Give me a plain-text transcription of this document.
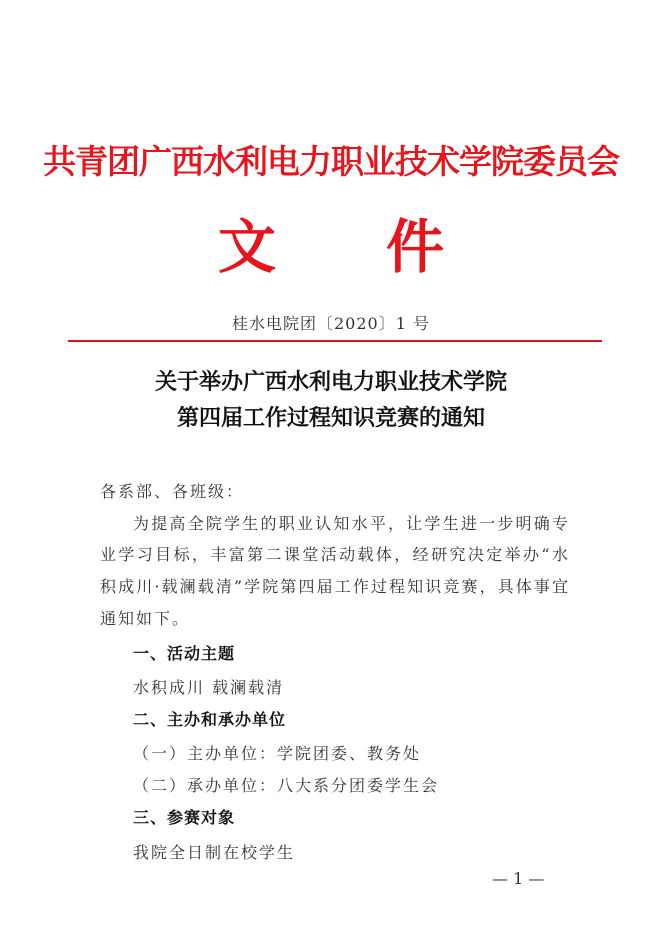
共青团广西水利电力职业技术学院委员会
文 件
桂水电院团〔2020〕1 号
关于举办广西水利电力职业技术学院
第四届工作过程知识竞赛的通知
各系部、各班级：
为提高全院学生的职业认知水平，让学生进一步明确专
业学习目标，丰富第二课堂活动载体，经研究决定举办“水
积成川·载澜载清”学院第四届工作过程知识竞赛，具体事宜
通知如下。
一、活动主题
水积成川 载澜载清
二、主办和承办单位
（一）主办单位：学院团委、教务处
（二）承办单位：八大系分团委学生会
三、参赛对象
我院全日制在校学生
— 1 —
